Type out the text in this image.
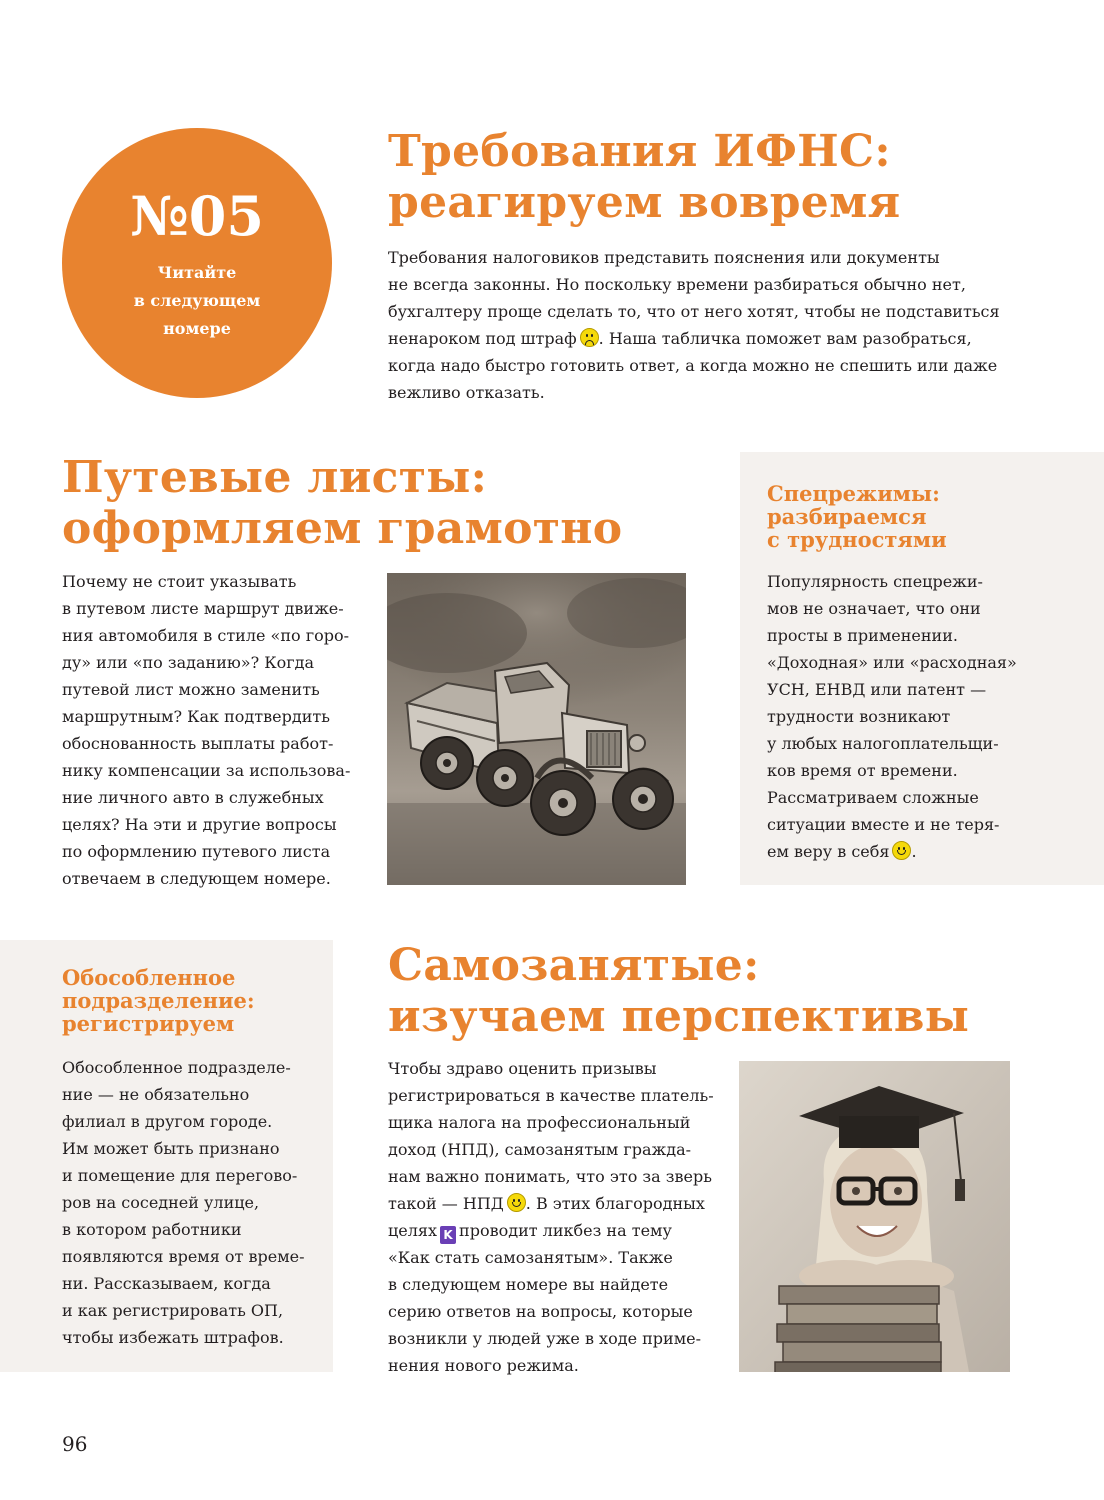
№05
Читайте
в следующем
номере
Требования ИФНС:
реагируем вовремя

Требования налоговиков представить пояснения или документы
не всегда законны. Но поскольку времени разбираться обычно нет,
бухгалтеру проще сделать то, что от него хотят, чтобы не подставиться
ненароком под штраф . Наша табличка поможет вам разобраться,
когда надо быстро готовить ответ, а когда можно не спешить или даже
вежливо отказать.

Путевые листы:
оформляем грамотно

Почему не стоит указывать
в путевом листе маршрут движе-
ния автомобиля в стиле «по горо-
ду» или «по заданию»? Когда
путевой лист можно заменить
маршрутным? Как подтвердить
обоснованность выплаты работ-
нику компенсации за использова-
ние личного авто в служебных
целях? На эти и другие вопросы
по оформлению путевого листа
отвечаем в следующем номере.

Спецрежимы:
разбираемся
с трудностями

Популярность спецрежи-
мов не означает, что они
просты в применении.
«Доходная» или «расходная»
УСН, ЕНВД или патент —
трудности возникают
у любых налогоплательщи-
ков время от времени.
Рассматриваем сложные
ситуации вместе и не теря-
ем веру в себя .

Обособленное
подразделение:
регистрируем

Обособленное подразделе-
ние — не обязательно
филиал в другом городе.
Им может быть признано
и помещение для перегово-
ров на соседней улице,
в котором работники
появляются время от време-
ни. Рассказываем, когда
и как регистрировать ОП,
чтобы избежать штрафов.

Самозанятые:
изучаем перспективы

Чтобы здраво оценить призывы
регистрироваться в качестве платель-
щика налога на профессиональный
доход (НПД), самозанятым гражда-
нам важно понимать, что это за зверь
такой — НПД . В этих благородных
целях K проводит ликбез на тему
«Как стать самозанятым». Также
в следующем номере вы найдете
серию ответов на вопросы, которые
возникли у людей уже в ходе приме-
нения нового режима.

96
